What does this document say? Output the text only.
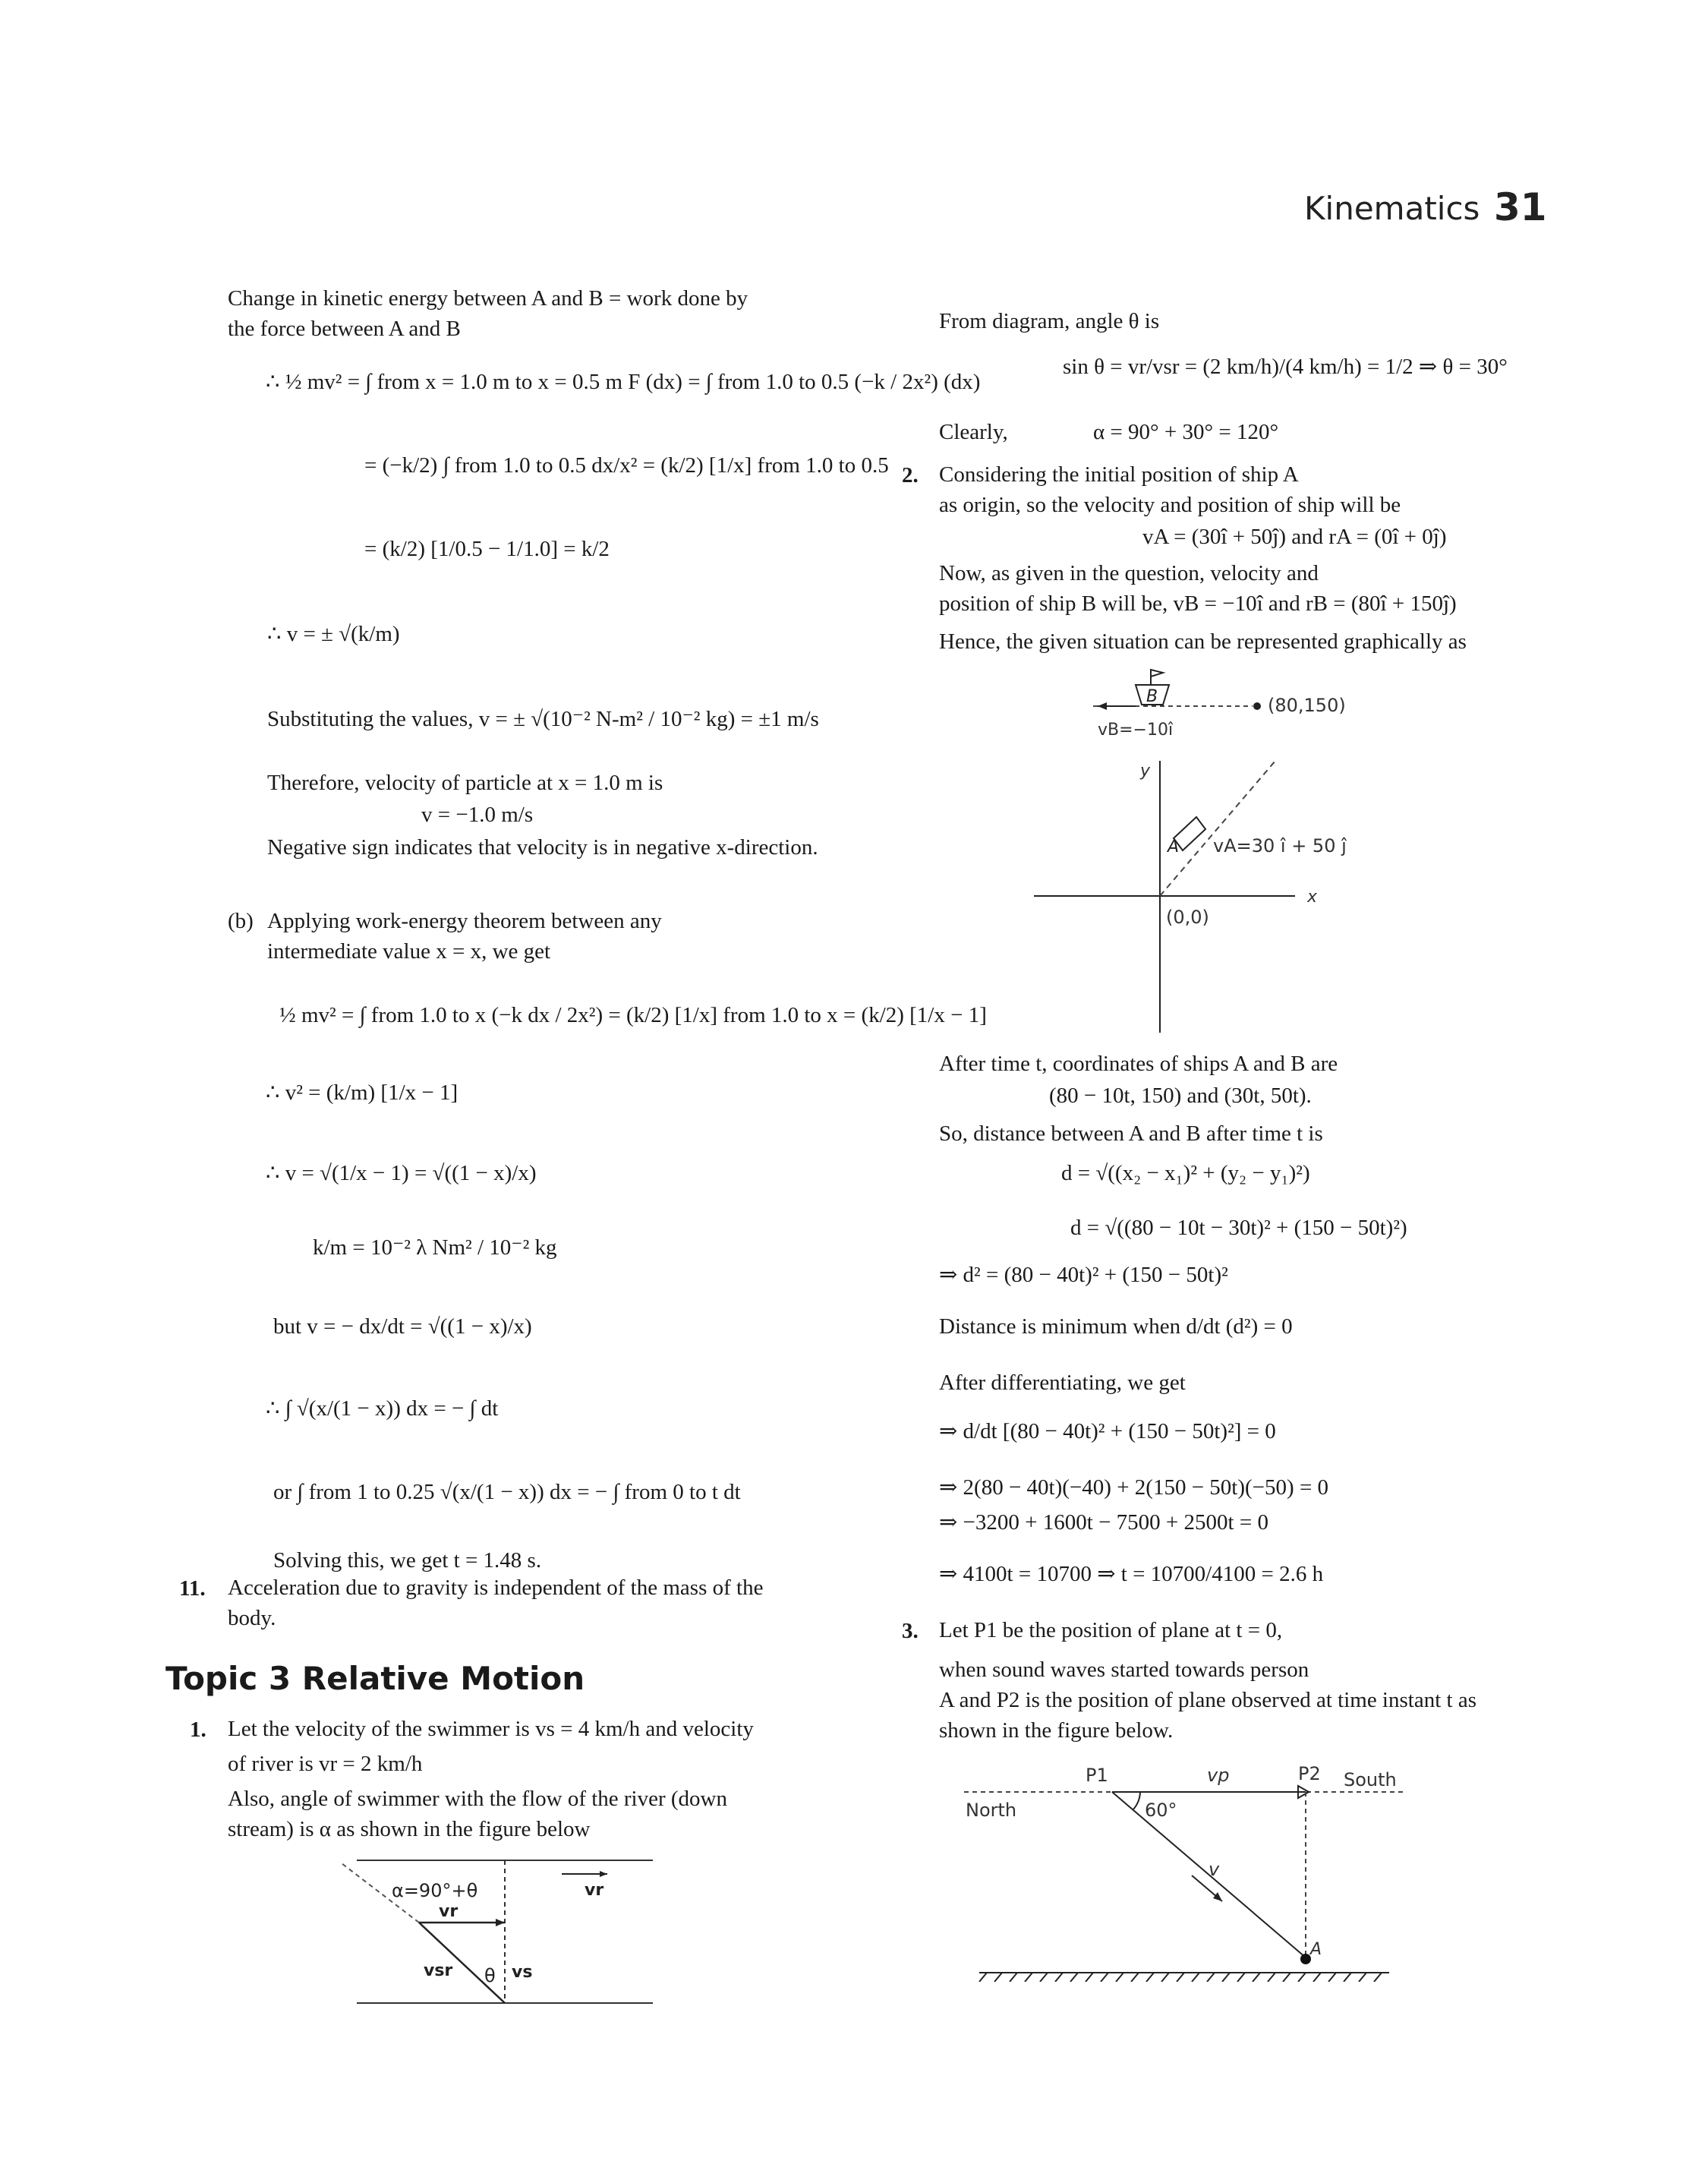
Kinematics 31
Change in kinetic energy between A and B = work done by
the force between A and B
∴ ½ mv² = ∫ from x = 1.0 m to x = 0.5 m F (dx) = ∫ from 1.0 to 0.5 (−k / 2x²) (dx)
= (−k/2) ∫ from 1.0 to 0.5 dx/x² = (k/2) [1/x] from 1.0 to 0.5
= (k/2) [1/0.5 − 1/1.0] = k/2
∴ v = ± √(k/m)
Substituting the values, v = ± √(10⁻² N-m² / 10⁻² kg) = ±1 m/s
Therefore, velocity of particle at x = 1.0 m is
v = −1.0 m/s
Negative sign indicates that velocity is in negative x-direction.
(b) Applying work-energy theorem between any
intermediate value x = x, we get
½ mv² = ∫ from 1.0 to x (−k dx / 2x²) = (k/2) [1/x] from 1.0 to x = (k/2) [1/x − 1]
∴ v² = (k/m) [1/x − 1]
∴ v = √(1/x − 1) = √((1 − x)/x)
k/m = 10⁻² λ Nm² / 10⁻² kg
but v = − dx/dt = √((1 − x)/x)
∴ ∫ √(x/(1 − x)) dx = − ∫ dt
or ∫ from 1 to 0.25 √(x/(1 − x)) dx = − ∫ from 0 to t dt
Solving this, we get t = 1.48 s.
11. Acceleration due to gravity is independent of the mass of the
body.
Topic 3 Relative Motion
1. Let the velocity of the swimmer is vs = 4 km/h and velocity
of river is vr = 2 km/h
Also, angle of swimmer with the flow of the river (down
stream) is α as shown in the figure below
α=90°+θ	vr
vr
vsr θ vs
From diagram, angle θ is
sin θ = vr/vsr = (2 km/h)/(4 km/h) = 1/2 ⇒ θ = 30°
Clearly,	α = 90° + 30° = 120°
2. Considering the initial position of ship A
as origin, so the velocity and position of ship will be
vA = (30î + 50ĵ) and rA = (0î + 0ĵ)
Now, as given in the question, velocity and
position of ship B will be, vB = −10î and rB = (80î + 150ĵ)
Hence, the given situation can be represented graphically as
B	(80,150)
vB=−10î
y
x
(0,0)
A vA=30 î + 50 ĵ
After time t, coordinates of ships A and B are
(80 − 10t, 150) and (30t, 50t).
So, distance between A and B after time t is
d = √((x₂ − x₁)² + (y₂ − y₁)²)
d = √((80 − 10t − 30t)² + (150 − 50t)²)
⇒ d² = (80 − 40t)² + (150 − 50t)²
Distance is minimum when d/dt (d²) = 0
After differentiating, we get
⇒ d/dt [(80 − 40t)² + (150 − 50t)²] = 0
⇒ 2(80 − 40t)(−40) + 2(150 − 50t)(−50) = 0
⇒ −3200 + 1600t − 7500 + 2500t = 0
⇒ 4100t = 10700 ⇒ t = 10700/4100 = 2.6 h
3. Let P1 be the position of plane at t = 0,
when sound waves started towards person
A and P2 is the position of plane observed at time instant t as
shown in the figure below.
P1	vp	P2
North
South
60°
v
A
